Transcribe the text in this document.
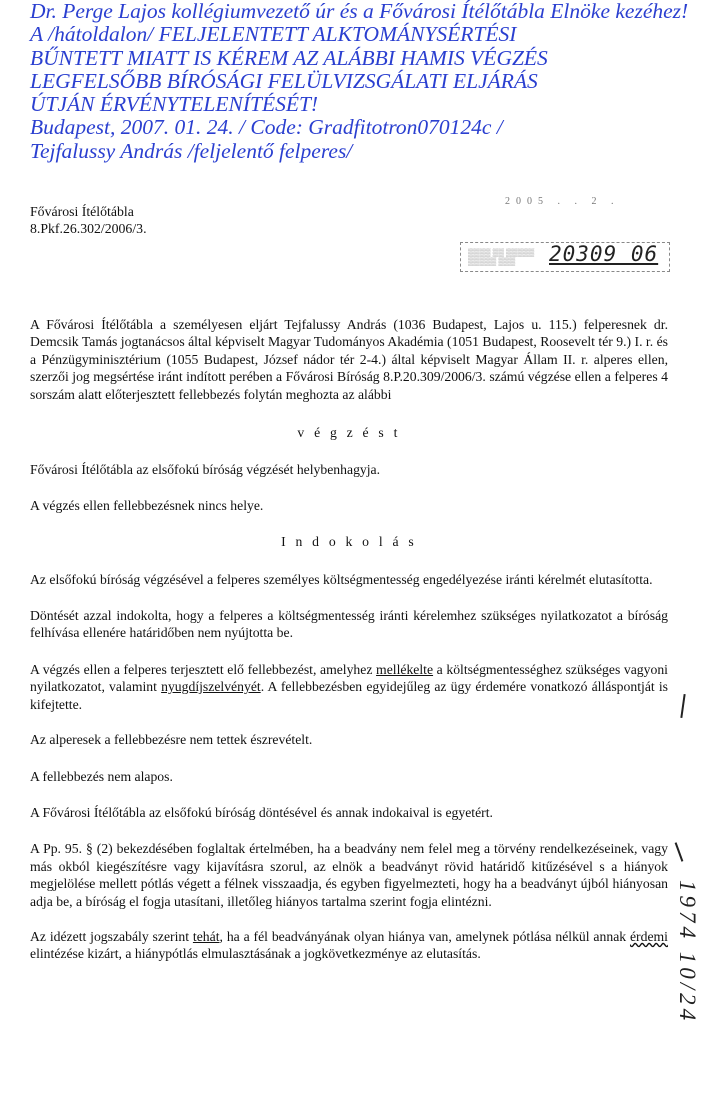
Dr. Perge Lajos kollégiumvezető úr és a Fővárosi Ítélőtábla Elnöke kezéhez!
A /hátoldalon/ FELJELENTETT ALKTOMÁNYSÉRTÉSI
BŰNTETT MIATT IS KÉREM AZ ALÁBBI HAMIS VÉGZÉS
LEGFELSŐBB BÍRÓSÁGI FELÜLVIZSGÁLATI ELJÁRÁS
ÚTJÁN ÉRVÉNYTELENÍTÉSÉT!
Budapest, 2007. 01. 24. / Code: Gradfitotron070124c /
Tejfalussy András /feljelentő felperes/
Fővárosi Ítélőtábla
8.Pkf.26.302/2006/3.
2005 . . 2 .
▒▒▒▒ ▒▒ ▒▒▒▒▒
▒▒▒▒▒ ▒▒▒	20309 06

A Fővárosi Ítélőtábla a személyesen eljárt Tejfalussy András (1036 Budapest, Lajos u. 115.) felperesnek dr. Demcsik Tamás jogtanácsos által képviselt Magyar Tudományos Akadémia (1051 Budapest, Roosevelt tér 9.) I. r. és a Pénzügyminisztérium (1055 Budapest, József nádor tér 2-4.) által képviselt Magyar Állam II. r. alperes ellen, szerzői jog megsértése iránt indított perében a Fővárosi Bíróság 8.P.20.309/2006/3. számú végzése ellen a felperes 4 sorszám alatt előterjesztett fellebbezés folytán meghozta az alábbi

v é g z é s t

Fővárosi Ítélőtábla az elsőfokú bíróság végzését helybenhagyja.

A végzés ellen fellebbezésnek nincs helye.

I n d o k o l á s

Az elsőfokú bíróság végzésével a felperes személyes költségmentesség engedélyezése iránti kérelmét elutasította.

Döntését azzal indokolta, hogy a felperes a költségmentesség iránti kérelemhez szükséges nyilatkozatot a bíróság felhívása ellenére határidőben nem nyújtotta be.

A végzés ellen a felperes terjesztett elő fellebbezést, amelyhez mellékelte a költségmentességhez szükséges vagyoni nyilatkozatot, valamint nyugdíjszelvényét. A fellebbezésben egyidejűleg az ügy érdemére vonatkozó álláspontját is kifejtette.

Az alperesek a fellebbezésre nem tettek észrevételt.

A fellebbezés nem alapos.

A Fővárosi Ítélőtábla az elsőfokú bíróság döntésével és annak indokaival is egyetért.

A Pp. 95. § (2) bekezdésében foglaltak értelmében, ha a beadvány nem felel meg a törvény rendelkezéseinek, vagy más okból kiegészítésre vagy kijavításra szorul, az elnök a beadványt rövid határidő kitűzésével s a hiányok megjelölése mellett pótlás végett a félnek visszaadja, és egyben figyelmezteti, hogy ha a beadványt újból hiányosan adja be, a bíróság el fogja utasítani, illetőleg hiányos tartalma szerint fogja elintézni.

Az idézett jogszabály szerint tehát, ha a fél beadványának olyan hiánya van, amelynek pótlása nélkül annak érdemi elintézése kizárt, a hiánypótlás elmulasztásának a jogkövetkezménye az elutasítás.	1974 10/24
